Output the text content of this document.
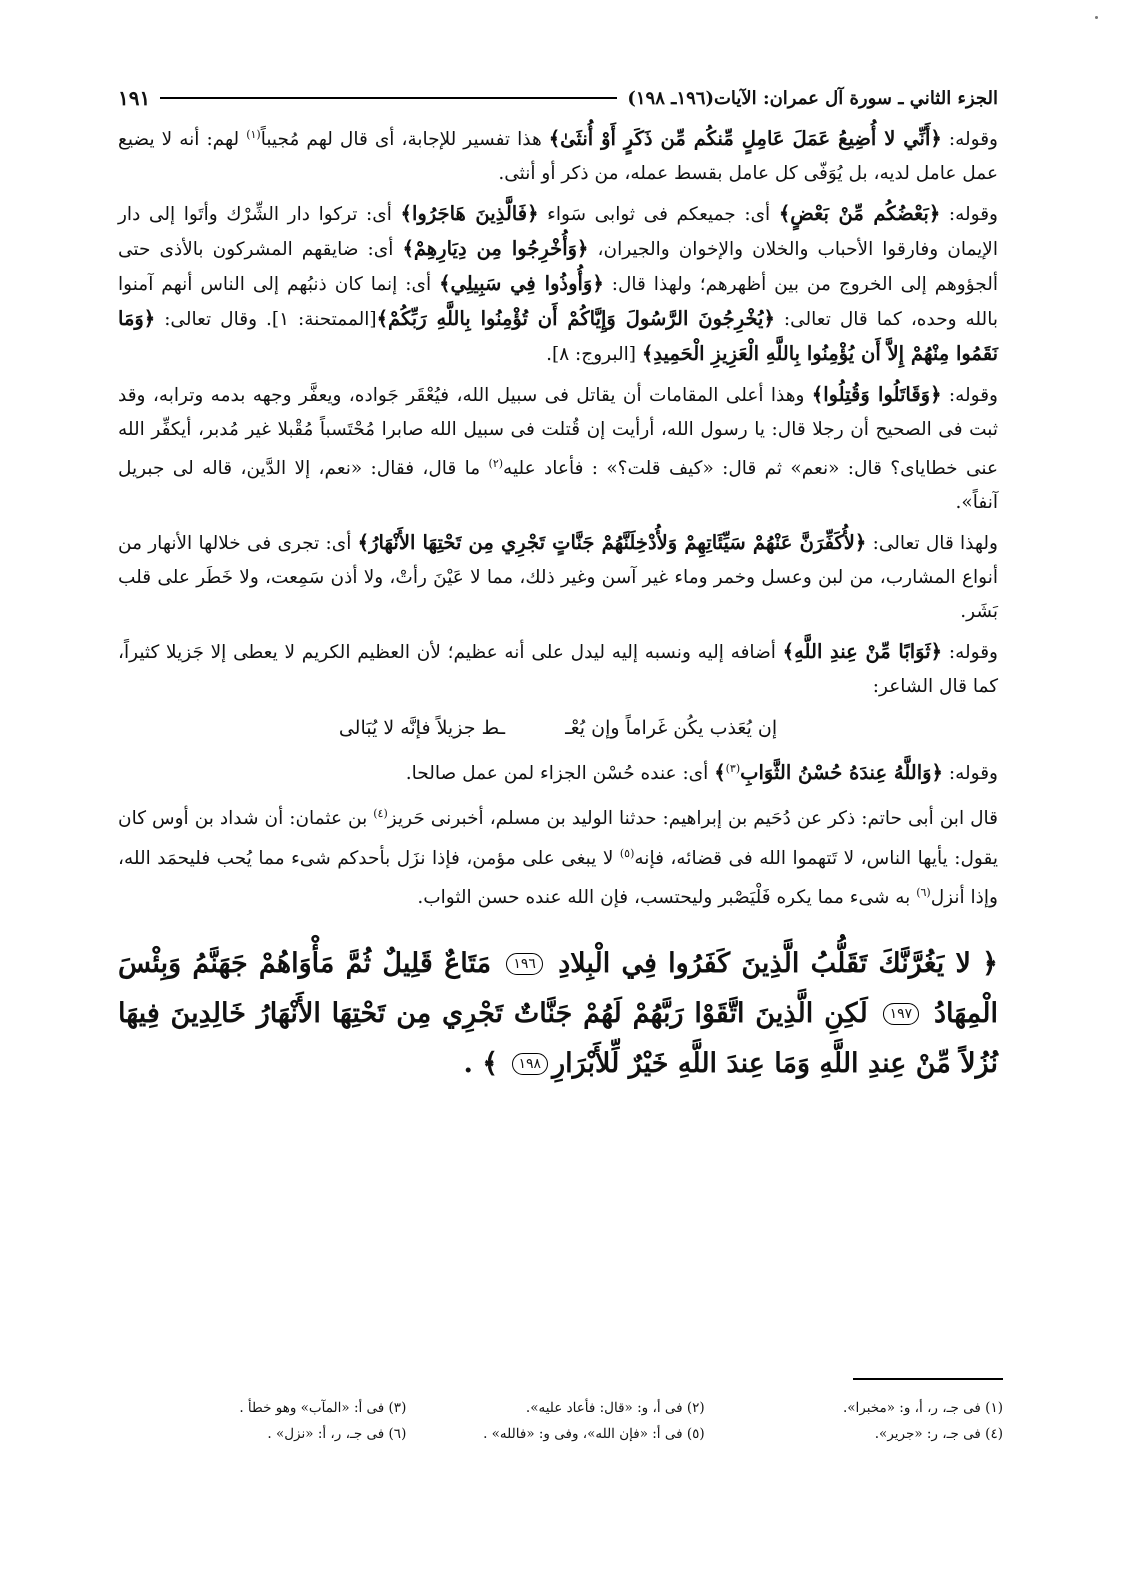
الجزء الثاني ـ سورة آل عمران: الآيات(١٩٦ـ ١٩٨)
١٩١

وقوله: ﴿أَنِّي لا أُضِيعُ عَمَلَ عَامِلٍ مِّنكُم مِّن ذَكَرٍ أَوْ أُنثَىٰ﴾ هذا تفسير للإجابة، أى قال لهم مُجيباً$^{(١)}$ لهم: أنه لا يضيع عمل عامل لديه، بل يُوَفّى كل عامل بقسط عمله، من ذكر أو أنثى.

وقوله: ﴿بَعْضُكُم مِّنْ بَعْضٍ﴾ أى: جميعكم فى ثوابى سَواء ﴿فَالَّذِينَ هَاجَرُوا﴾ أى: تركوا دار الشِّرْك وأتَوا إلى دار الإيمان وفارقوا الأحباب والخلان والإخوان والجيران، ﴿وَأُخْرِجُوا مِن دِيَارِهِمْ﴾ أى: ضايقهم المشركون بالأذى حتى ألجؤوهم إلى الخروج من بين أظهرهم؛ ولهذا قال: ﴿وَأُوذُوا فِي سَبِيلِي﴾ أى: إنما كان ذنبُهم إلى الناس أنهم آمنوا بالله وحده، كما قال تعالى: ﴿يُخْرِجُونَ الرَّسُولَ وَإِيَّاكُمْ أَن تُؤْمِنُوا بِاللَّهِ رَبِّكُمْ﴾[الممتحنة: ١]. وقال تعالى: ﴿وَمَا نَقَمُوا مِنْهُمْ إِلاَّ أَن يُؤْمِنُوا بِاللَّهِ الْعَزِيزِ الْحَمِيدِ﴾ [البروج: ٨].

وقوله: ﴿وَقَاتَلُوا وَقُتِلُوا﴾ وهذا أعلى المقامات أن يقاتل فى سبيل الله، فيُعْقَر جَواده، ويعفَّر وجهه بدمه وترابه، وقد ثبت فى الصحيح أن رجلا قال: يا رسول الله، أرأيت إن قُتلت فى سبيل الله صابرا مُحْتَسباً مُقْبلا غير مُدبر، أيكفِّر الله عنى خطاياى؟ قال: «نعم» ثم قال: «كيف قلت؟» : فأعاد عليه$^{(٢)}$ ما قال، فقال: «نعم، إلا الدَّين، قاله لى جبريل آنفاً».

ولهذا قال تعالى: ﴿لأُكَفِّرَنَّ عَنْهُمْ سَيِّئَاتِهِمْ وَلأُدْخِلَنَّهُمْ جَنَّاتٍ تَجْرِي مِن تَحْتِهَا الأَنْهَارُ﴾ أى: تجرى فى خلالها الأنهار من أنواع المشارب، من لبن وعسل وخمر وماء غير آسن وغير ذلك، مما لا عَيْنَ رأتْ، ولا أذن سَمِعت، ولا خَطَر على قلب بَشَر.

وقوله: ﴿ثَوَابًا مِّنْ عِندِ اللَّهِ﴾ أضافه إليه ونسبه إليه ليدل على أنه عظيم؛ لأن العظيم الكريم لا يعطى إلا جَزيلا كثيراً، كما قال الشاعر:

إن يُعَذب يكُن غَراماً وإن يُعْـ
ـط جزيلاً فإنَّه لا يُبَالى

وقوله: ﴿وَاللَّهُ عِندَهُ حُسْنُ الثَّوَابِ$^{(٣)}$﴾ أى: عنده حُسْن الجزاء لمن عمل صالحا.

قال ابن أبى حاتم: ذكر عن دُحَيم بن إبراهيم: حدثنا الوليد بن مسلم، أخبرنى حَريز$^{(٤)}$ بن عثمان: أن شداد بن أوس كان يقول: يأيها الناس، لا تَتهموا الله فى قضائه، فإنه$^{(٥)}$ لا يبغى على مؤمن، فإذا نزَل بأحدكم شىء مما يُحب فليحمَد الله، وإذا أنزل$^{(٦)}$ به شىء مما يكره فَلْيَصْبر وليحتسب، فإن الله عنده حسن الثواب.

﴿ لا يَغُرَّنَّكَ تَقَلُّبُ الَّذِينَ كَفَرُوا فِي الْبِلادِ ١٩٦ مَتَاعٌ قَلِيلٌ ثُمَّ مَأْوَاهُمْ جَهَنَّمُ وَبِئْسَ الْمِهَادُ ١٩٧ لَكِنِ الَّذِينَ اتَّقَوْا رَبَّهُمْ لَهُمْ جَنَّاتٌ تَجْرِي مِن تَحْتِهَا الأَنْهَارُ خَالِدِينَ فِيهَا نُزُلاً مِّنْ عِندِ اللَّهِ وَمَا عِندَ اللَّهِ خَيْرٌ لِّلأَبْرَارِ١٩٨ ﴾ .

(١) فى جـ، ر، أ، و: «مخبرا».
(٢) فى أ، و: «قال: فأعاد عليه».
(٣) فى أ: «المآب» وهو خطأ .
(٤) فى جـ، ر: «جرير».
(٥) فى أ: «فإن الله»، وفى و: «فالله» .
(٦) فى جـ، ر، أ: «نزل» .
